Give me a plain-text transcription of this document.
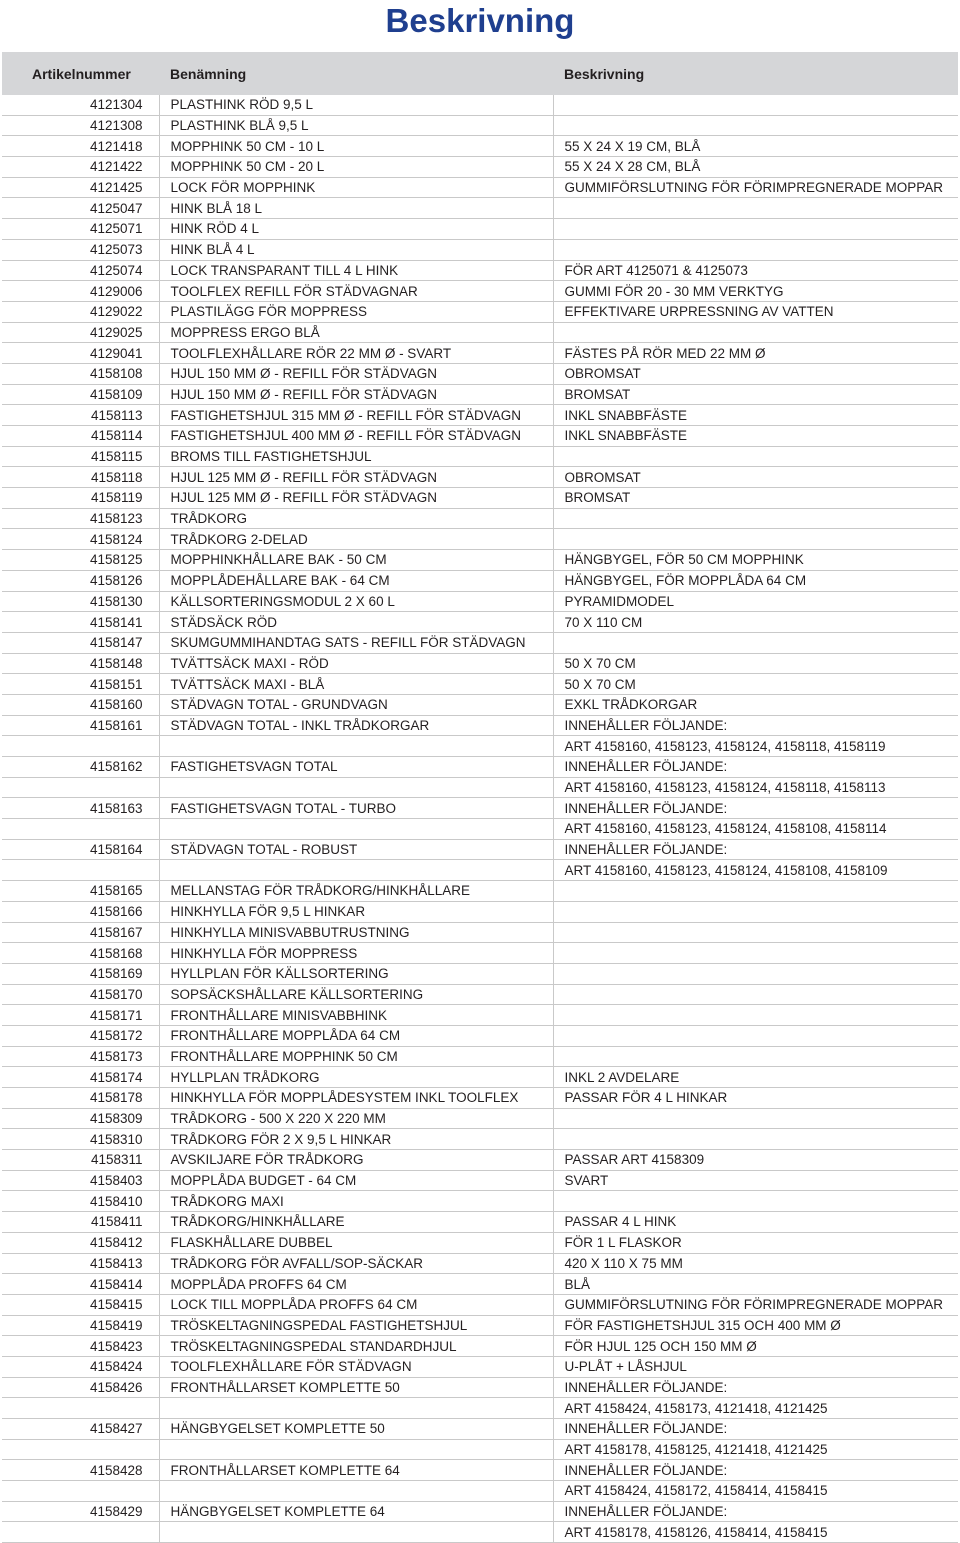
Beskrivning
Artikelnummer	Benämning	Beskrivning
4121304	PLASTHINK RÖD 9,5 L	
4121308	PLASTHINK BLÅ 9,5 L	
4121418	MOPPHINK 50 CM - 10 L	55 X 24 X 19 CM, BLÅ
4121422	MOPPHINK 50 CM - 20 L	55 X 24 X 28 CM, BLÅ
4121425	LOCK FÖR MOPPHINK	GUMMIFÖRSLUTNING FÖR FÖRIMPREGNERADE MOPPAR
4125047	HINK BLÅ 18 L	
4125071	HINK RÖD 4 L	
4125073	HINK BLÅ 4 L	
4125074	LOCK TRANSPARANT TILL 4 L HINK	FÖR ART 4125071 & 4125073
4129006	TOOLFLEX REFILL FÖR STÄDVAGNAR	GUMMI FÖR 20 - 30 MM VERKTYG
4129022	PLASTILÄGG FÖR MOPPRESS	EFFEKTIVARE URPRESSNING AV VATTEN
4129025	MOPPRESS ERGO BLÅ	
4129041	TOOLFLEXHÅLLARE RÖR 22 MM Ø - SVART	FÄSTES PÅ RÖR MED 22 MM Ø
4158108	HJUL 150 MM Ø - REFILL FÖR STÄDVAGN	OBROMSAT
4158109	HJUL 150 MM Ø - REFILL FÖR STÄDVAGN	BROMSAT
4158113	FASTIGHETSHJUL 315 MM Ø - REFILL FÖR STÄDVAGN	INKL SNABBFÄSTE
4158114	FASTIGHETSHJUL 400 MM Ø - REFILL FÖR STÄDVAGN	INKL SNABBFÄSTE
4158115	BROMS TILL FASTIGHETSHJUL	
4158118	HJUL 125 MM Ø - REFILL FÖR STÄDVAGN	OBROMSAT
4158119	HJUL 125 MM Ø - REFILL FÖR STÄDVAGN	BROMSAT
4158123	TRÅDKORG	
4158124	TRÅDKORG 2-DELAD	
4158125	MOPPHINKHÅLLARE BAK - 50 CM	HÄNGBYGEL, FÖR 50 CM MOPPHINK
4158126	MOPPLÅDEHÅLLARE BAK - 64 CM	HÄNGBYGEL, FÖR MOPPLÅDA 64 CM
4158130	KÄLLSORTERINGSMODUL 2 X 60 L	PYRAMIDMODEL
4158141	STÄDSÄCK RÖD	70 X 110 CM
4158147	SKUMGUMMIHANDTAG SATS - REFILL FÖR STÄDVAGN	
4158148	TVÄTTSÄCK MAXI - RÖD	50 X 70 CM
4158151	TVÄTTSÄCK MAXI - BLÅ	50 X 70 CM
4158160	STÄDVAGN TOTAL - GRUNDVAGN	EXKL TRÅDKORGAR
4158161	STÄDVAGN TOTAL - INKL TRÅDKORGAR	INNEHÅLLER FÖLJANDE:
		ART 4158160, 4158123, 4158124, 4158118, 4158119
4158162	FASTIGHETSVAGN TOTAL	INNEHÅLLER FÖLJANDE:
		ART 4158160, 4158123, 4158124, 4158118, 4158113
4158163	FASTIGHETSVAGN TOTAL - TURBO	INNEHÅLLER FÖLJANDE:
		ART 4158160, 4158123, 4158124, 4158108, 4158114
4158164	STÄDVAGN TOTAL - ROBUST	INNEHÅLLER FÖLJANDE:
		ART 4158160, 4158123, 4158124, 4158108, 4158109
4158165	MELLANSTAG FÖR TRÅDKORG/HINKHÅLLARE	
4158166	HINKHYLLA FÖR 9,5 L HINKAR	
4158167	HINKHYLLA MINISVABBUTRUSTNING	
4158168	HINKHYLLA FÖR MOPPRESS	
4158169	HYLLPLAN FÖR KÄLLSORTERING	
4158170	SOPSÄCKSHÅLLARE KÄLLSORTERING	
4158171	FRONTHÅLLARE MINISVABBHINK	
4158172	FRONTHÅLLARE MOPPLÅDA 64 CM	
4158173	FRONTHÅLLARE MOPPHINK 50 CM	
4158174	HYLLPLAN TRÅDKORG	INKL 2 AVDELARE
4158178	HINKHYLLA FÖR MOPPLÅDESYSTEM INKL TOOLFLEX	PASSAR FÖR 4 L HINKAR
4158309	TRÅDKORG - 500 X 220 X 220 MM	
4158310	TRÅDKORG FÖR 2 X 9,5 L HINKAR	
4158311	AVSKILJARE FÖR TRÅDKORG	PASSAR ART 4158309
4158403	MOPPLÅDA BUDGET - 64 CM	SVART
4158410	TRÅDKORG MAXI	
4158411	TRÅDKORG/HINKHÅLLARE	PASSAR 4 L HINK
4158412	FLASKHÅLLARE DUBBEL	FÖR 1 L FLASKOR
4158413	TRÅDKORG FÖR AVFALL/SOP-SÄCKAR	420 X 110 X 75 MM
4158414	MOPPLÅDA PROFFS 64 CM	BLÅ
4158415	LOCK TILL MOPPLÅDA PROFFS 64 CM	GUMMIFÖRSLUTNING FÖR FÖRIMPREGNERADE MOPPAR
4158419	TRÖSKELTAGNINGSPEDAL FASTIGHETSHJUL	FÖR FASTIGHETSHJUL 315 OCH 400 MM Ø
4158423	TRÖSKELTAGNINGSPEDAL STANDARDHJUL	FÖR HJUL 125 OCH 150 MM Ø
4158424	TOOLFLEXHÅLLARE FÖR STÄDVAGN	U-PLÅT + LÅSHJUL
4158426	FRONTHÅLLARSET KOMPLETTE 50	INNEHÅLLER FÖLJANDE:
		ART 4158424, 4158173, 4121418, 4121425
4158427	HÄNGBYGELSET KOMPLETTE 50	INNEHÅLLER FÖLJANDE:
		ART 4158178, 4158125, 4121418, 4121425
4158428	FRONTHÅLLARSET KOMPLETTE 64	INNEHÅLLER FÖLJANDE:
		ART 4158424, 4158172, 4158414, 4158415
4158429	HÄNGBYGELSET KOMPLETTE 64	INNEHÅLLER FÖLJANDE:
		ART 4158178, 4158126, 4158414, 4158415
